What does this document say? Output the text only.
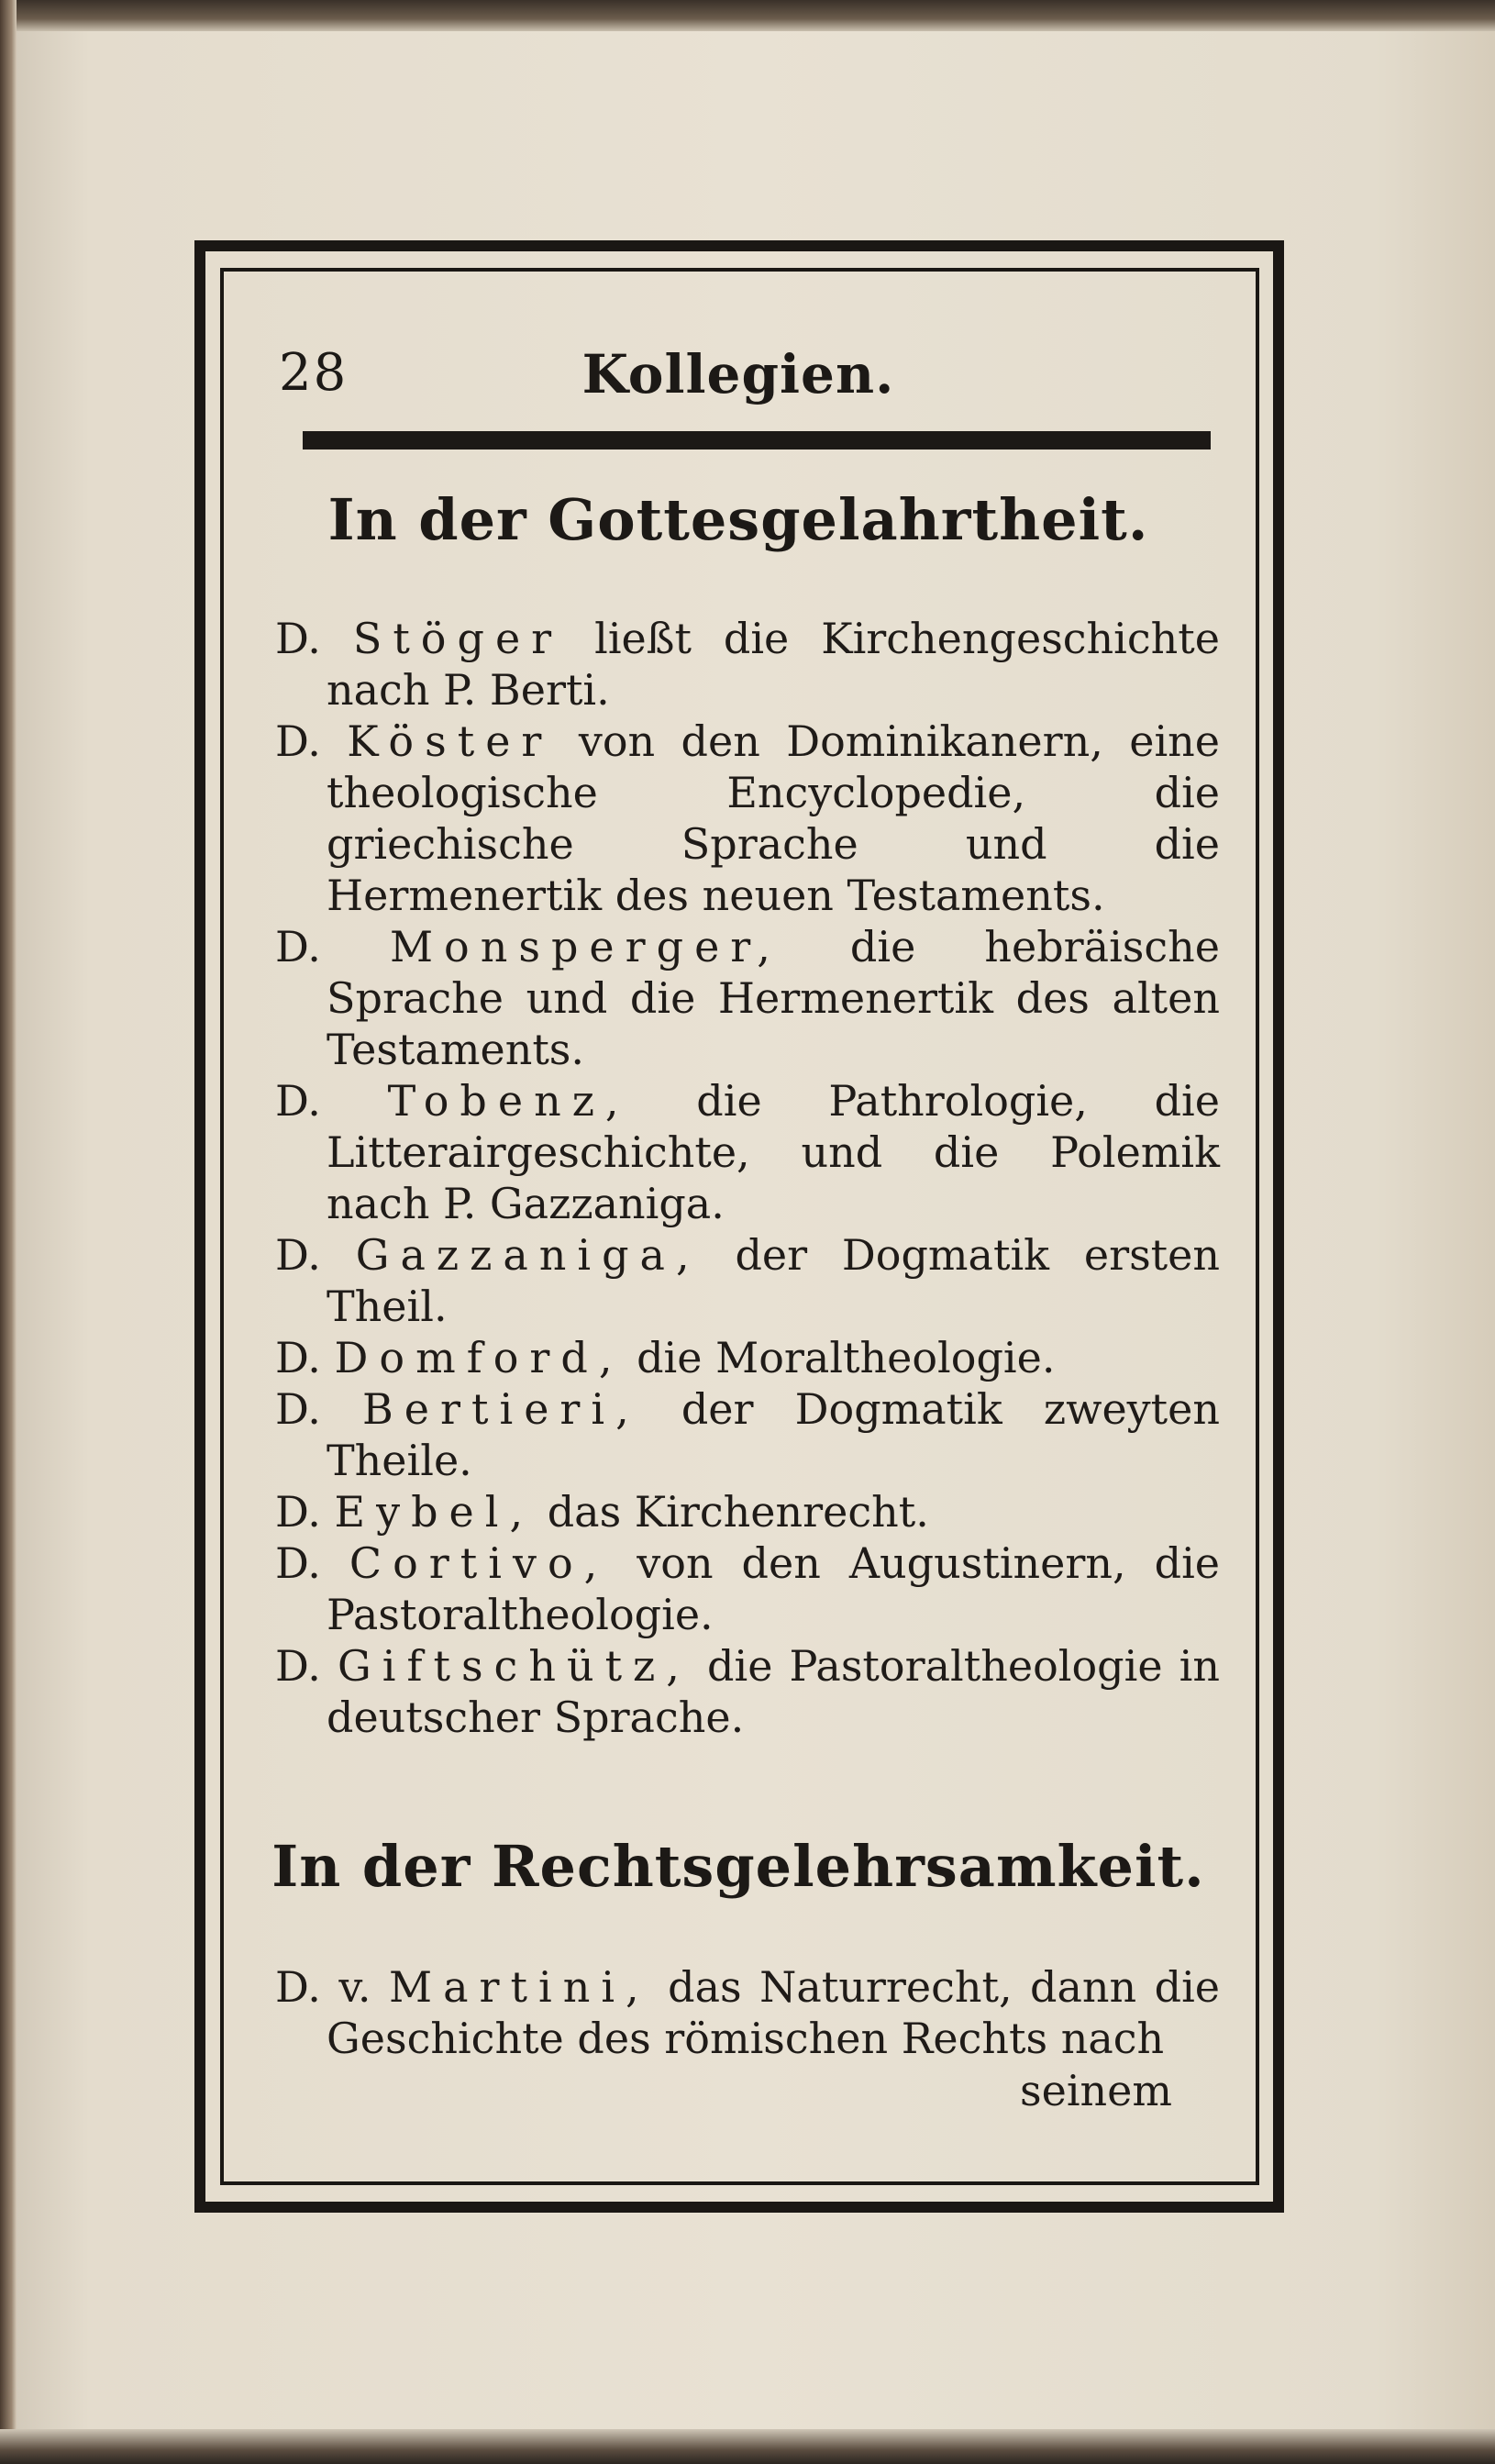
28	Kollegien.
In der Gottesgelahrtheit.
D. Stöger ließt die Kirchengeschichte nach P. Berti.
D. Köster von den Dominikanern, eine theologische Encyclopedie, die griechische Sprache und die Hermenertik des neuen Testaments.
D. Monsperger, die hebräische Sprache und die Hermenertik des alten Testaments.
D. Tobenz, die Pathrologie, die Litterairgeschichte, und die Polemik nach P. Gazzaniga.
D. Gazzaniga, der Dogmatik ersten Theil.
D. Domford, die Moraltheologie.
D. Bertieri, der Dogmatik zweyten Theile.
D. Eybel, das Kirchenrecht.
D. Cortivo, von den Augustinern, die Pastoraltheologie.
D. Giftschütz, die Pastoraltheologie in deutscher Sprache.
In der Rechtsgelehrsamkeit.
D. v. Martini, das Naturrecht, dann die Geschichte des römischen Rechts nach
seinem
